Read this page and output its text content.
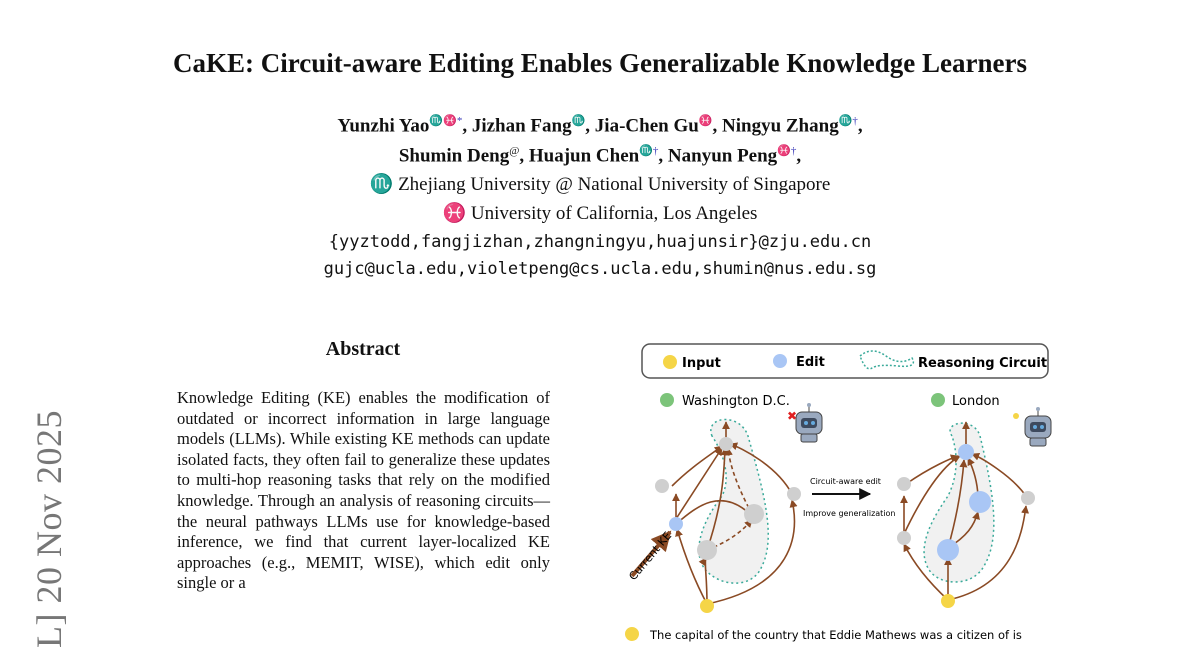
L] 20 Nov 2025
CaKE: Circuit-aware Editing Enables Generalizable Knowledge Learners
Yunzhi Yao♏♓*, Jizhan Fang♏, Jia-Chen Gu♓, Ningyu Zhang♏†,
Shumin Deng@, Huajun Chen♏†, Nanyun Peng♓†,
♏ Zhejiang University @ National University of Singapore
♓ University of California, Los Angeles
{yyztodd,fangjizhan,zhangningyu,huajunsir}@zju.edu.cn
gujc@ucla.edu,violetpeng@cs.ucla.edu,shumin@nus.edu.sg
Abstract
Knowledge Editing (KE) enables the modification of outdated or incorrect information in large language models (LLMs). While existing KE methods can update isolated facts, they often fail to generalize these updates to multi-hop reasoning tasks that rely on the modified knowledge. Through an analysis of reasoning circuits—the neural pathways LLMs use for knowledge-based inference, we find that current layer-localized KE approaches (e.g., MEMIT, WISE), which edit only single or a
Input	Edit	Reasoning Circuit
Washington D.C.
✖
Current KE
Circuit-aware edit
Improve generalization
London
The capital of the country that Eddie Mathews was a citizen of is
